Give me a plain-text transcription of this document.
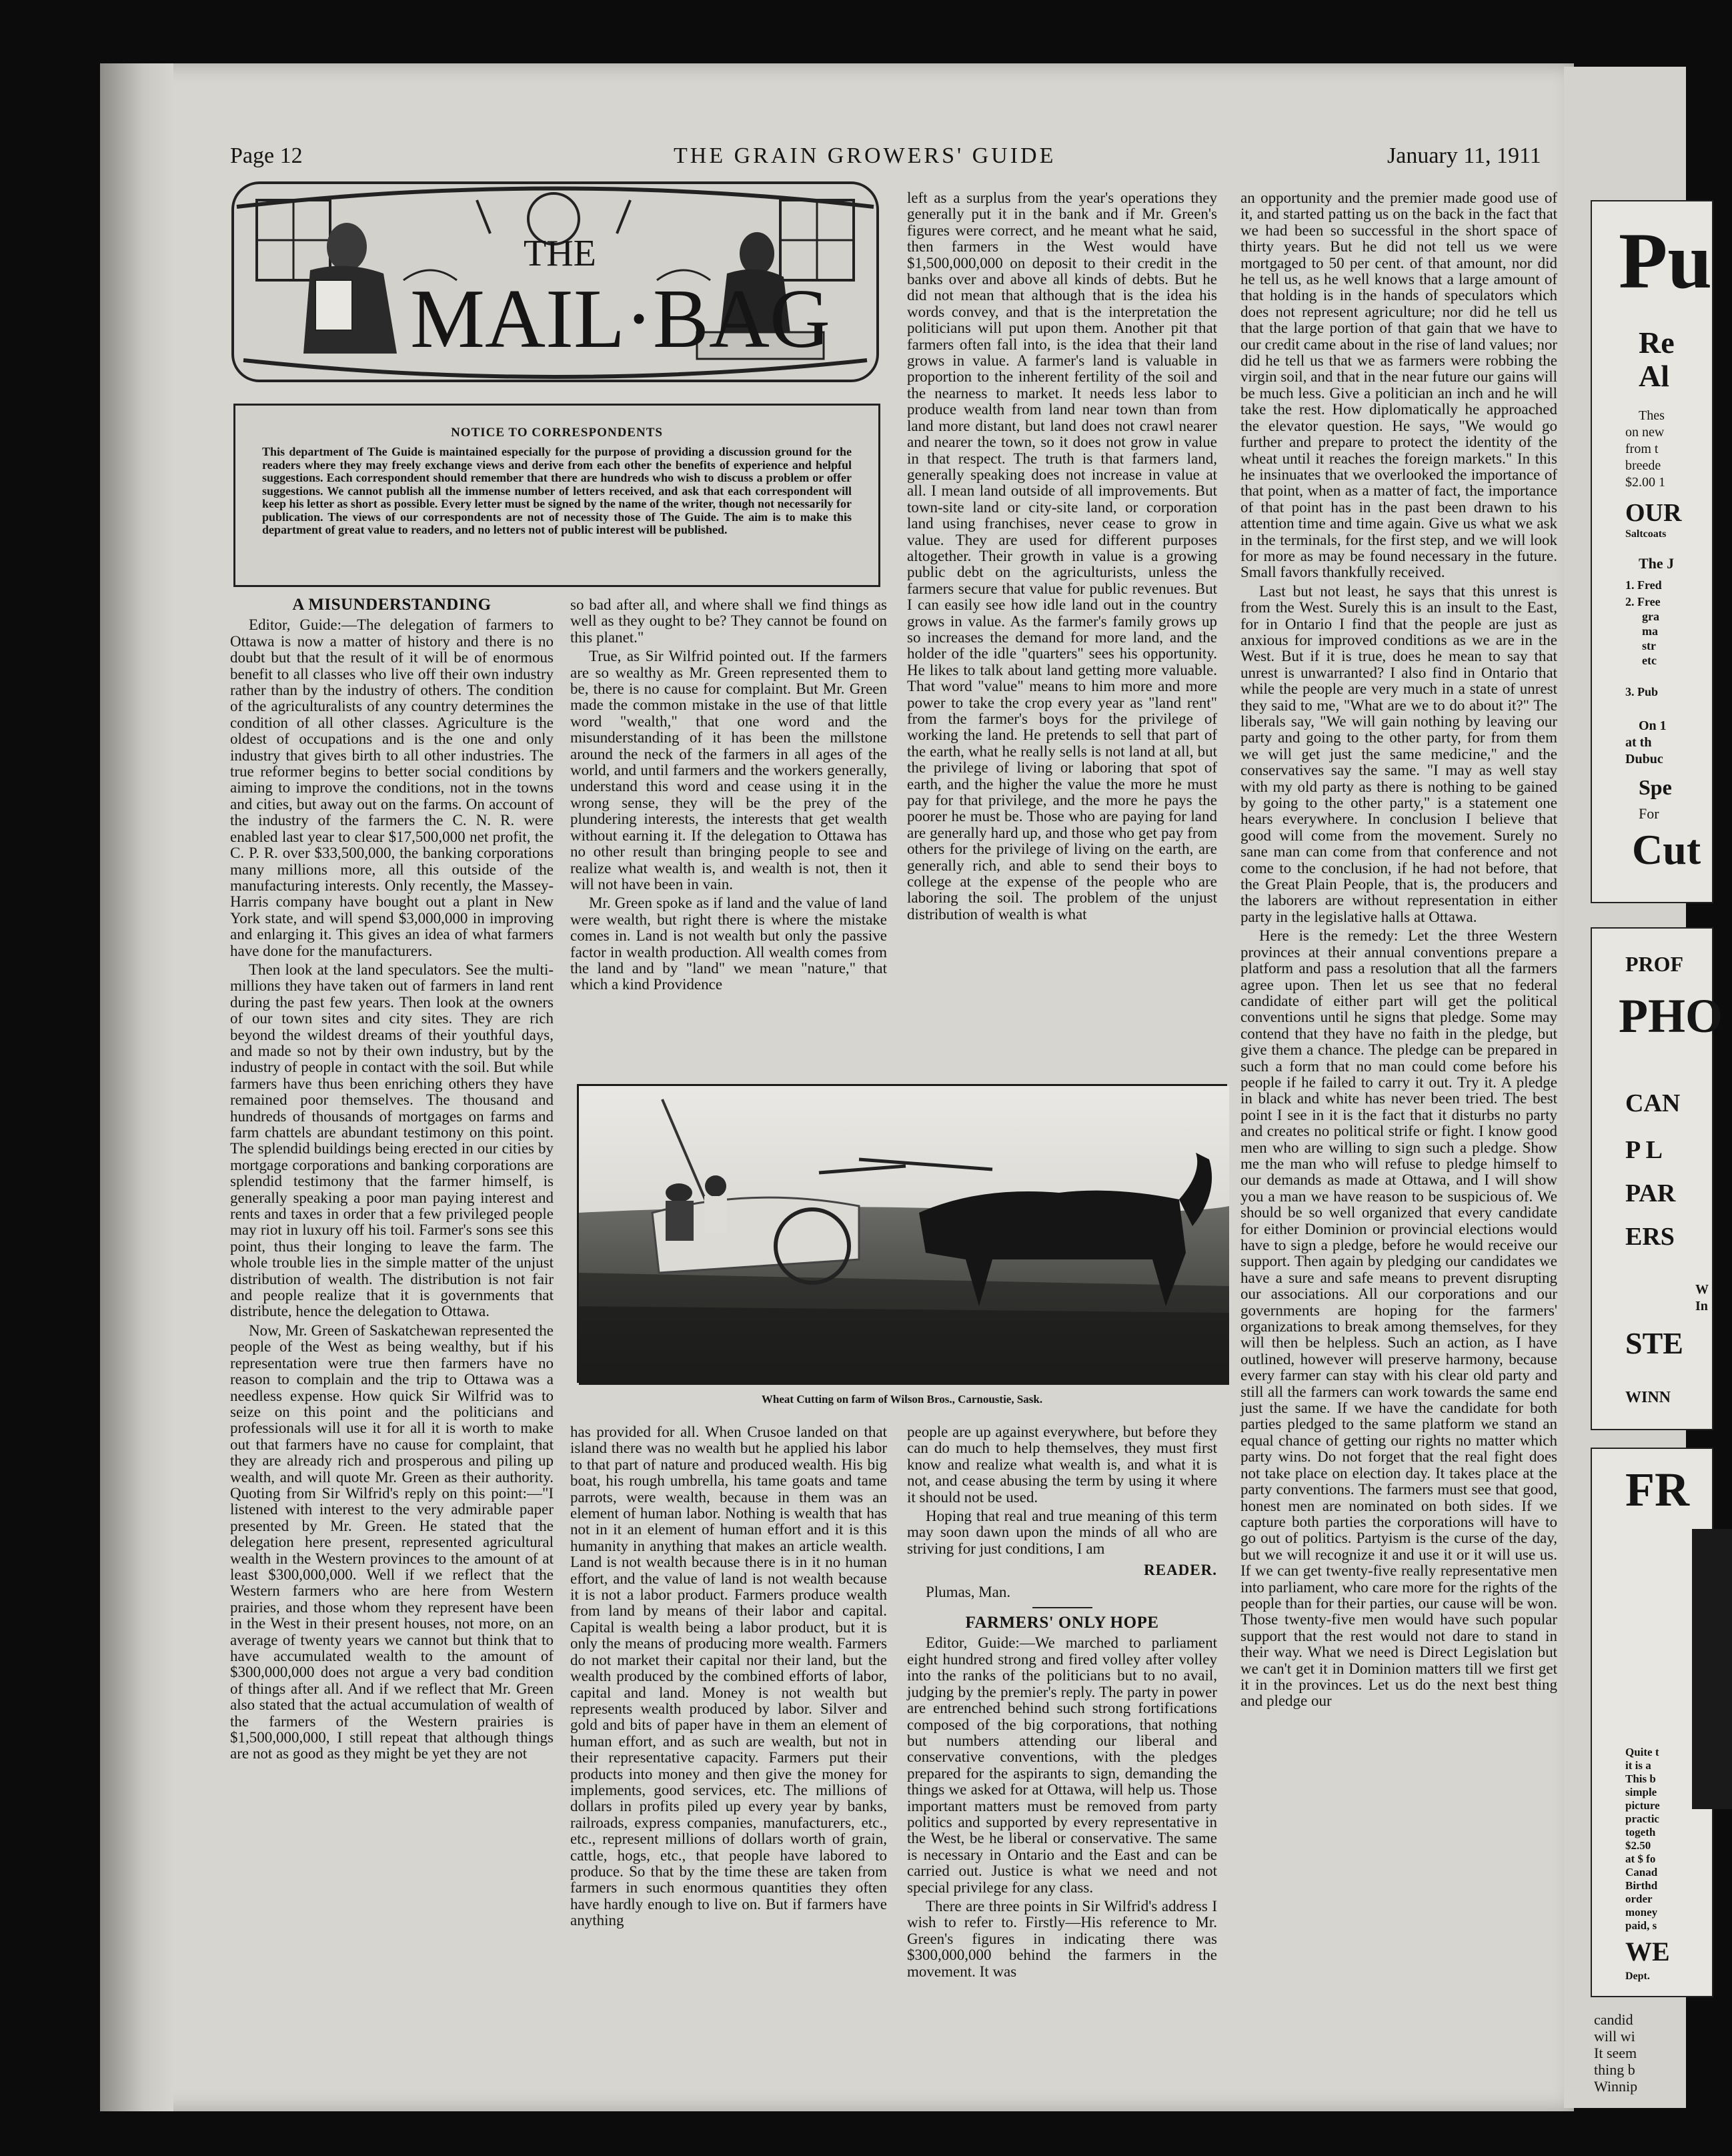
Page 12	THE GRAIN GROWERS' GUIDE	January 11, 1911
THE
MAIL·BAG
NOTICE TO CORRESPONDENTS
This department of The Guide is maintained especially for the purpose of providing a discussion ground for the readers where they may freely exchange views and derive from each other the benefits of experience and helpful suggestions. Each correspondent should remember that there are hundreds who wish to discuss a problem or offer suggestions. We cannot publish all the immense number of letters received, and ask that each correspondent will keep his letter as short as possible. Every letter must be signed by the name of the writer, though not necessarily for publication. The views of our correspondents are not of necessity those of The Guide. The aim is to make this department of great value to readers, and no letters not of public interest will be published.
A MISUNDERSTANDING

Editor, Guide:—The delegation of farmers to Ottawa is now a matter of history and there is no doubt but that the result of it will be of enormous benefit to all classes who live off their own industry rather than by the industry of others. The condition of the agriculturalists of any country determines the condition of all other classes. Agriculture is the oldest of occupations and is the one and only industry that gives birth to all other industries. The true reformer begins to better social conditions by aiming to improve the conditions, not in the towns and cities, but away out on the farms. On account of the industry of the farmers the C. N. R. were enabled last year to clear $17,500,000 net profit, the C. P. R. over $33,500,000, the banking corporations many millions more, all this outside of the manufacturing interests. Only recently, the Massey-Harris company have bought out a plant in New York state, and will spend $3,000,000 in improving and enlarging it. This gives an idea of what farmers have done for the manufacturers.

Then look at the land speculators. See the multi-millions they have taken out of farmers in land rent during the past few years. Then look at the owners of our town sites and city sites. They are rich beyond the wildest dreams of their youthful days, and made so not by their own industry, but by the industry of people in contact with the soil. But while farmers have thus been enriching others they have remained poor themselves. The thousand and hundreds of thousands of mortgages on farms and farm chattels are abundant testimony on this point. The splendid buildings being erected in our cities by mortgage corporations and banking corporations are splendid testimony that the farmer himself, is generally speaking a poor man paying interest and rents and taxes in order that a few privileged people may riot in luxury off his toil. Farmer's sons see this point, thus their longing to leave the farm. The whole trouble lies in the simple matter of the unjust distribution of wealth. The distribution is not fair and people realize that it is governments that distribute, hence the delegation to Ottawa.

Now, Mr. Green of Saskatchewan represented the people of the West as being wealthy, but if his representation were true then farmers have no reason to complain and the trip to Ottawa was a needless expense. How quick Sir Wilfrid was to seize on this point and the politicians and professionals will use it for all it is worth to make out that farmers have no cause for complaint, that they are already rich and prosperous and piling up wealth, and will quote Mr. Green as their authority. Quoting from Sir Wilfrid's reply on this point:—"I listened with interest to the very admirable paper presented by Mr. Green. He stated that the delegation here present, represented agricultural wealth in the Western provinces to the amount of at least $300,000,000. Well if we reflect that the Western farmers who are here from Western prairies, and those whom they represent have been in the West in their present houses, not more, on an average of twenty years we cannot but think that to have accumulated wealth to the amount of $300,000,000 does not argue a very bad condition of things after all. And if we reflect that Mr. Green also stated that the actual accumulation of wealth of the farmers of the Western prairies is $1,500,000,000, I still repeat that although things are not as good as they might be yet they are not

so bad after all, and where shall we find things as well as they ought to be? They cannot be found on this planet."

True, as Sir Wilfrid pointed out. If the farmers are so wealthy as Mr. Green represented them to be, there is no cause for complaint. But Mr. Green made the common mistake in the use of that little word "wealth," that one word and the misunderstanding of it has been the millstone around the neck of the farmers in all ages of the world, and until farmers and the workers generally, understand this word and cease using it in the wrong sense, they will be the prey of the plundering interests, the interests that get wealth without earning it. If the delegation to Ottawa has no other result than bringing people to see and realize what wealth is, and wealth is not, then it will not have been in vain.

Mr. Green spoke as if land and the value of land were wealth, but right there is where the mistake comes in. Land is not wealth but only the passive factor in wealth production. All wealth comes from the land and by "land" we mean "nature," that which a kind Providence

left as a surplus from the year's operations they generally put it in the bank and if Mr. Green's figures were correct, and he meant what he said, then farmers in the West would have $1,500,000,000 on deposit to their credit in the banks over and above all kinds of debts. But he did not mean that although that is the idea his words convey, and that is the interpretation the politicians will put upon them. Another pit that farmers often fall into, is the idea that their land grows in value. A farmer's land is valuable in proportion to the inherent fertility of the soil and the nearness to market. It needs less labor to produce wealth from land near town than from land more distant, but land does not crawl nearer and nearer the town, so it does not grow in value in that respect. The truth is that farmers land, generally speaking does not increase in value at all. I mean land outside of all improvements. But town-site land or city-site land, or corporation land using franchises, never cease to grow in value. They are used for different purposes altogether. Their growth in value is a growing public debt on the agriculturists, unless the farmers secure that value for public revenues. But I can easily see how idle land out in the country grows in value. As the farmer's family grows up so increases the demand for more land, and the holder of the idle "quarters" sees his opportunity. He likes to talk about land getting more valuable. That word "value" means to him more and more power to take the crop every year as "land rent" from the farmer's boys for the privilege of working the land. He pretends to sell that part of the earth, what he really sells is not land at all, but the privilege of living or laboring that spot of earth, and the higher the value the more he must pay for that privilege, and the more he pays the poorer he must be. Those who are paying for land are generally hard up, and those who get pay from others for the privilege of living on the earth, are generally rich, and able to send their boys to college at the expense of the people who are laboring the soil. The problem of the unjust distribution of wealth is what

Wheat Cutting on farm of Wilson Bros., Carnoustie, Sask.

has provided for all. When Crusoe landed on that island there was no wealth but he applied his labor to that part of nature and produced wealth. His big boat, his rough umbrella, his tame goats and tame parrots, were wealth, because in them was an element of human labor. Nothing is wealth that has not in it an element of human effort and it is this humanity in anything that makes an article wealth. Land is not wealth because there is in it no human effort, and the value of land is not wealth because it is not a labor product. Farmers produce wealth from land by means of their labor and capital. Capital is wealth being a labor product, but it is only the means of producing more wealth. Farmers do not market their capital nor their land, but the wealth produced by the combined efforts of labor, capital and land. Money is not wealth but represents wealth produced by labor. Silver and gold and bits of paper have in them an element of human effort, and as such are wealth, but not in their representative capacity. Farmers put their products into money and then give the money for implements, good services, etc. The millions of dollars in profits piled up every year by banks, railroads, express companies, manufacturers, etc., etc., represent millions of dollars worth of grain, cattle, hogs, etc., that people have labored to produce. So that by the time these are taken from farmers in such enormous quantities they often have hardly enough to live on. But if farmers have anything

people are up against everywhere, but before they can do much to help themselves, they must first know and realize what wealth is, and what it is not, and cease abusing the term by using it where it should not be used.

Hoping that real and true meaning of this term may soon dawn upon the minds of all who are striving for just conditions, I am

READER.

Plumas, Man.

FARMERS' ONLY HOPE

Editor, Guide:—We marched to parliament eight hundred strong and fired volley after volley into the ranks of the politicians but to no avail, judging by the premier's reply. The party in power are entrenched behind such strong fortifications composed of the big corporations, that nothing but numbers attending our liberal and conservative conventions, with the pledges prepared for the aspirants to sign, demanding the things we asked for at Ottawa, will help us. Those important matters must be removed from party politics and supported by every representative in the West, be he liberal or conservative. The same is necessary in Ontario and the East and can be carried out. Justice is what we need and not special privilege for any class.

There are three points in Sir Wilfrid's address I wish to refer to. Firstly—His reference to Mr. Green's figures in indicating there was $300,000,000 behind the farmers in the movement. It was

an opportunity and the premier made good use of it, and started patting us on the back in the fact that we had been so successful in the short space of thirty years. But he did not tell us we were mortgaged to 50 per cent. of that amount, nor did he tell us, as he well knows that a large amount of that holding is in the hands of speculators which does not represent agriculture; nor did he tell us that the large portion of that gain that we have to our credit came about in the rise of land values; nor did he tell us that we as farmers were robbing the virgin soil, and that in the near future our gains will be much less. Give a politician an inch and he will take the rest. How diplomatically he approached the elevator question. He says, "We would go further and prepare to protect the identity of the wheat until it reaches the foreign markets." In this he insinuates that we overlooked the importance of that point, when as a matter of fact, the importance of that point has in the past been drawn to his attention time and time again. Give us what we ask in the terminals, for the first step, and we will look for more as may be found necessary in the future. Small favors thankfully received.

Last but not least, he says that this unrest is from the West. Surely this is an insult to the East, for in Ontario I find that the people are just as anxious for improved conditions as we are in the West. But if it is true, does he mean to say that unrest is unwarranted? I also find in Ontario that while the people are very much in a state of unrest they said to me, "What are we to do about it?" The liberals say, "We will gain nothing by leaving our party and going to the other party, for from them we will get just the same medicine," and the conservatives say the same. "I may as well stay with my old party as there is nothing to be gained by going to the other party," is a statement one hears everywhere. In conclusion I believe that good will come from the movement. Surely no sane man can come from that conference and not come to the conclusion, if he had not before, that the Great Plain People, that is, the producers and the laborers are without representation in either party in the legislative halls at Ottawa.

Here is the remedy: Let the three Western provinces at their annual conventions prepare a platform and pass a resolution that all the farmers agree upon. Then let us see that no federal candidate of either part will get the political conventions until he signs that pledge. Some may contend that they have no faith in the pledge, but give them a chance. The pledge can be prepared in such a form that no man could come before his people if he failed to carry it out. Try it. A pledge in black and white has never been tried. The best point I see in it is the fact that it disturbs no party and creates no political strife or fight. I know good men who are willing to sign such a pledge. Show me the man who will refuse to pledge himself to our demands as made at Ottawa, and I will show you a man we have reason to be suspicious of. We should be so well organized that every candidate for either Dominion or provincial elections would have to sign a pledge, before he would receive our support. Then again by pledging our candidates we have a sure and safe means to prevent disrupting our associations. All our corporations and our governments are hoping for the farmers' organizations to break among themselves, for they will then be helpless. Such an action, as I have outlined, however will preserve harmony, because every farmer can stay with his clear old party and still all the farmers can work towards the same end just the same. If we have the candidate for both parties pledged to the same platform we stand an equal chance of getting our rights no matter which party wins. Do not forget that the real fight does not take place on election day. It takes place at the party conventions. The farmers must see that good, honest men are nominated on both sides. If we capture both parties the corporations will have to go out of politics. Partyism is the curse of the day, but we will recognize it and use it or it will use us. If we can get twenty-five really representative men into parliament, who care more for the rights of the people than for their parties, our cause will be won. Those twenty-five men would have such popular support that the rest would not dare to stand in their way. What we need is Direct Legislation but we can't get it in Dominion matters till we first get it in the provinces. Let us do the next best thing and pledge our

Pu
Re
Al
Thes
on new
from t
breede
$2.00 1
OUR
Saltcoats
The J
1. Fred
2. Free
gra
ma
str
etc
3. Pub
On 1
at th
Dubuc
Spe
For
Cut
PROF
PHO
CAN
P L
PAR
ERS
W
In
STE
WINN
FR
Quite t
it is a
This b
simple
picture
practic
togeth
$2.50
at $ fo
Canad
Birthd
order
money
paid, s
WE
Dept.
candid
will wi
It seem
thing b
Winnip
